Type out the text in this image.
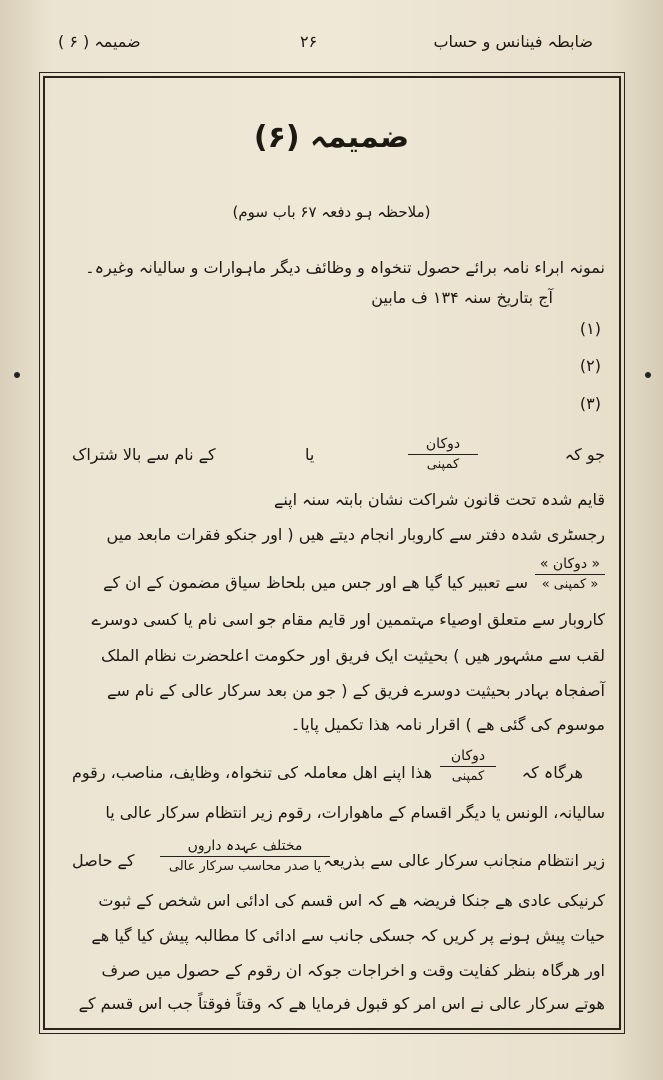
ضابطہ فینانس و حساب
۲۶
ضمیمہ ( ۶ )
ضمیمہ (۶)
(ملاحظہ ہو دفعہ ۶۷ باب سوم)
نمونہ ابراء نامہ برائے حصول تنخواہ و وظائف دیگر ماہوارات و سالیانہ وغیرہ۔
آج بتاریخ سنہ ۱۳۴ ف مابین
(۱)
(۲)
(۳)
جو کہ
دوکان
کمپنی
یا
کے نام سے بالا شتراک
قایم شدہ تحت قانون شراکت نشان بابتہ سنہ اپنے
رجسٹری شدہ دفتر سے کاروبار انجام دیتے ھیں ( اور جنکو فقرات مابعد میں
« دوکان »
« کمپنی »
سے تعبیر کیا گیا ھے اور جس میں بلحاظ سیاق مضمون کے ان کے
کاروبار سے متعلق اوصیاء مہتممین اور قایم مقام جو اسی نام یا کسی دوسرے
لقب سے مشہور ھیں ) بحیثیت ایک فریق اور حکومت اعلحضرت نظام الملک
آصفجاہ بہادر بحیثیت دوسرے فریق کے ( جو من بعد سرکار عالی کے نام سے
موسوم کی گئی ھے ) اقرار نامہ ھذا تکمیل پایا۔
ھرگاہ کہ
دوکان
کمپنی
ھذا اپنے اھل معاملہ کی تنخواہ، وظایف، مناصب، رقوم
سالیانہ، الونس یا دیگر اقسام کے ماھوارات، رقوم زیر انتظام سرکار عالی یا
زیر انتظام منجانب سرکار عالی سے بذریعہ
مختلف عہدہ داروں
یا صدر محاسب سرکار عالی
کے حاصل
کرنیکی عادی ھے جنکا فریضہ ھے کہ اس قسم کی ادائی اس شخص کے ثبوت
حیات پیش ہونے پر کریں کہ جسکی جانب سے ادائی کا مطالبہ پیش کیا گیا ھے
اور ھرگاہ بنظر کفایت وقت و اخراجات جوکہ ان رقوم کے حصول میں صرف
ھوتے سرکار عالی نے اس امر کو قبول فرمایا ھے کہ وقتاً فوقتاً جب اس قسم کے
